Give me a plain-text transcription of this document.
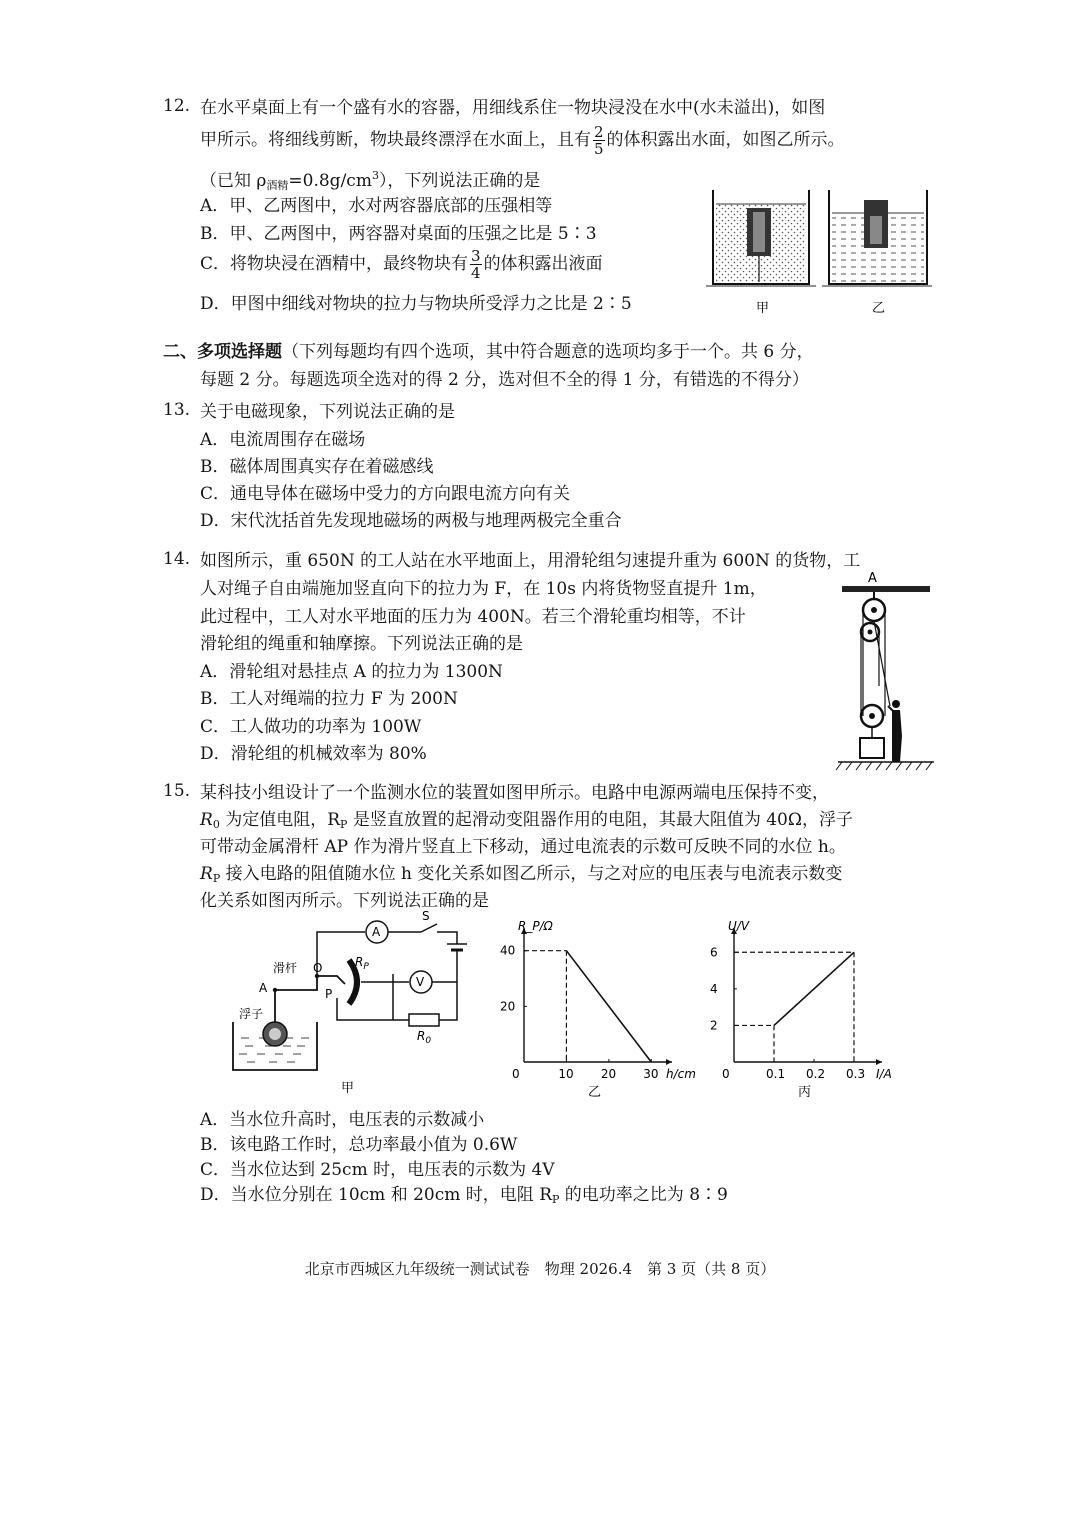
12. 在水平桌面上有一个盛有水的容器，用细线系住一物块浸没在水中(水未溢出)，如图
甲所示。将细线剪断，物块最终漂浮在水面上，且有 $\frac{2}{5}$ 的体积露出水面，如图乙所示。
（已知 $\rho_{酒精}=0.8g/cm^3$），下列说法正确的是
A．甲、乙两图中，水对两容器底部的压强相等
B．甲、乙两图中，两容器对桌面的压强之比是 5∶3
C．将物块浸在酒精中，最终物块有 $\frac{3}{4}$ 的体积露出液面
D．甲图中细线对物块的拉力与物块所受浮力之比是 2∶5	甲	乙
二、多项选择题（下列每题均有四个选项，其中符合题意的选项均多于一个。共 6 分，
每题 2 分。每题选项全选对的得 2 分，选对但不全的得 1 分，有错选的不得分）
13. 关于电磁现象，下列说法正确的是
A．电流周围存在磁场
B．磁体周围真实存在着磁感线
C．通电导体在磁场中受力的方向跟电流方向有关
D．宋代沈括首先发现地磁场的两极与地理两极完全重合
14. 如图所示，重 650N 的工人站在水平地面上，用滑轮组匀速提升重为 600N 的货物，工
人对绳子自由端施加竖直向下的拉力为 F，在 10s 内将货物竖直提升 1m，
此过程中，工人对水平地面的压力为 400N。若三个滑轮重均相等，不计
滑轮组的绳重和轴摩擦。下列说法正确的是
A．滑轮组对悬挂点 A 的拉力为 1300N
B．工人对绳端的拉力 F 为 200N
C．工人做功的功率为 100W
D．滑轮组的机械效率为 80%
A
15. 某科技小组设计了一个监测水位的装置如图甲所示。电路中电源两端电压保持不变，
$R_0$ 为定值电阻，$R_P$ 是竖直放置的起滑动变阻器作用的电阻，其最大阻值为 40Ω，浮子
可带动金属滑杆 AP 作为滑片竖直上下移动，通过电流表的示数可反映不同的水位 h。
$R_P$ 接入电路的阻值随水位 h 变化关系如图乙所示，与之对应的电压表与电流表示数变
化关系如图丙所示。下列说法正确的是
滑杆
A
O
P
浮子
$R_P$
A
S
$R_0$
V
甲
0	10 20 30
20
40
h/cm
R_P/Ω
乙
0	0.1 0.2 0.3
2
4
6
I/A
U/V
丙
A．当水位升高时，电压表的示数减小
B．该电路工作时，总功率最小值为 0.6W
C．当水位达到 25cm 时，电压表的示数为 4V
D．当水位分别在 10cm 和 20cm 时，电阻 $R_P$ 的电功率之比为 8∶9
北京市西城区九年级统一测试试卷　物理 2026.4　第 3 页（共 8 页）
